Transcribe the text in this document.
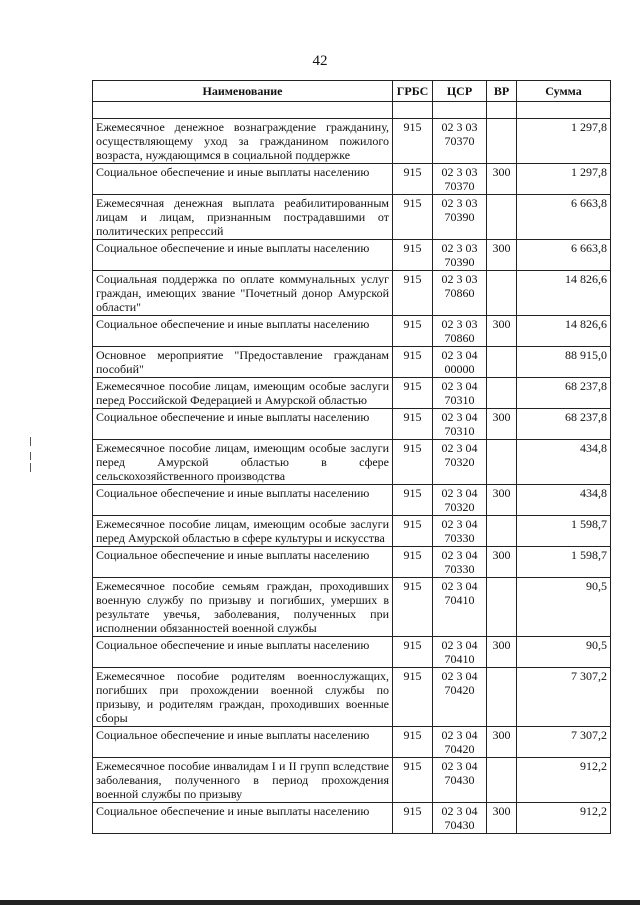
42
Наименование	ГРБС	ЦСР	ВР	Сумма

Ежемесячное денежное вознаграждение гражданину, осуществляющему уход за гражданином пожилого возраста, нуждающимся в социальной поддержке	915	02 3 03 70370		1 297,8
Социальное обеспечение и иные выплаты населению	915	02 3 03 70370	300	1 297,8
Ежемесячная денежная выплата реабилитированным лицам и лицам, признанным пострадавшими от политических репрессий	915	02 3 03 70390		6 663,8
Социальное обеспечение и иные выплаты населению	915	02 3 03 70390	300	6 663,8
Социальная поддержка по оплате коммунальных услуг граждан, имеющих звание "Почетный донор Амурской области"	915	02 3 03 70860		14 826,6
Социальное обеспечение и иные выплаты населению	915	02 3 03 70860	300	14 826,6
Основное мероприятие "Предоставление гражданам пособий"	915	02 3 04 00000		88 915,0
Ежемесячное пособие лицам, имеющим особые заслуги перед Российской Федерацией и Амурской областью	915	02 3 04 70310		68 237,8
Социальное обеспечение и иные выплаты населению	915	02 3 04 70310	300	68 237,8
Ежемесячное пособие лицам, имеющим особые заслуги перед Амурской областью в сфере сельскохозяйственного производства	915	02 3 04 70320		434,8
Социальное обеспечение и иные выплаты населению	915	02 3 04 70320	300	434,8
Ежемесячное пособие лицам, имеющим особые заслуги перед Амурской областью в сфере культуры и искусства	915	02 3 04 70330		1 598,7
Социальное обеспечение и иные выплаты населению	915	02 3 04 70330	300	1 598,7
Ежемесячное пособие семьям граждан, проходивших военную службу по призыву и погибших, умерших в результате увечья, заболевания, полученных при исполнении обязанностей военной службы	915	02 3 04 70410		90,5
Социальное обеспечение и иные выплаты населению	915	02 3 04 70410	300	90,5
Ежемесячное пособие родителям военнослужащих, погибших при прохождении военной службы по призыву, и родителям граждан, проходивших военные сборы	915	02 3 04 70420		7 307,2
Социальное обеспечение и иные выплаты населению	915	02 3 04 70420	300	7 307,2
Ежемесячное пособие инвалидам I и II групп вследствие заболевания, полученного в период прохождения военной службы по призыву	915	02 3 04 70430		912,2
Социальное обеспечение и иные выплаты населению	915	02 3 04 70430	300	912,2
